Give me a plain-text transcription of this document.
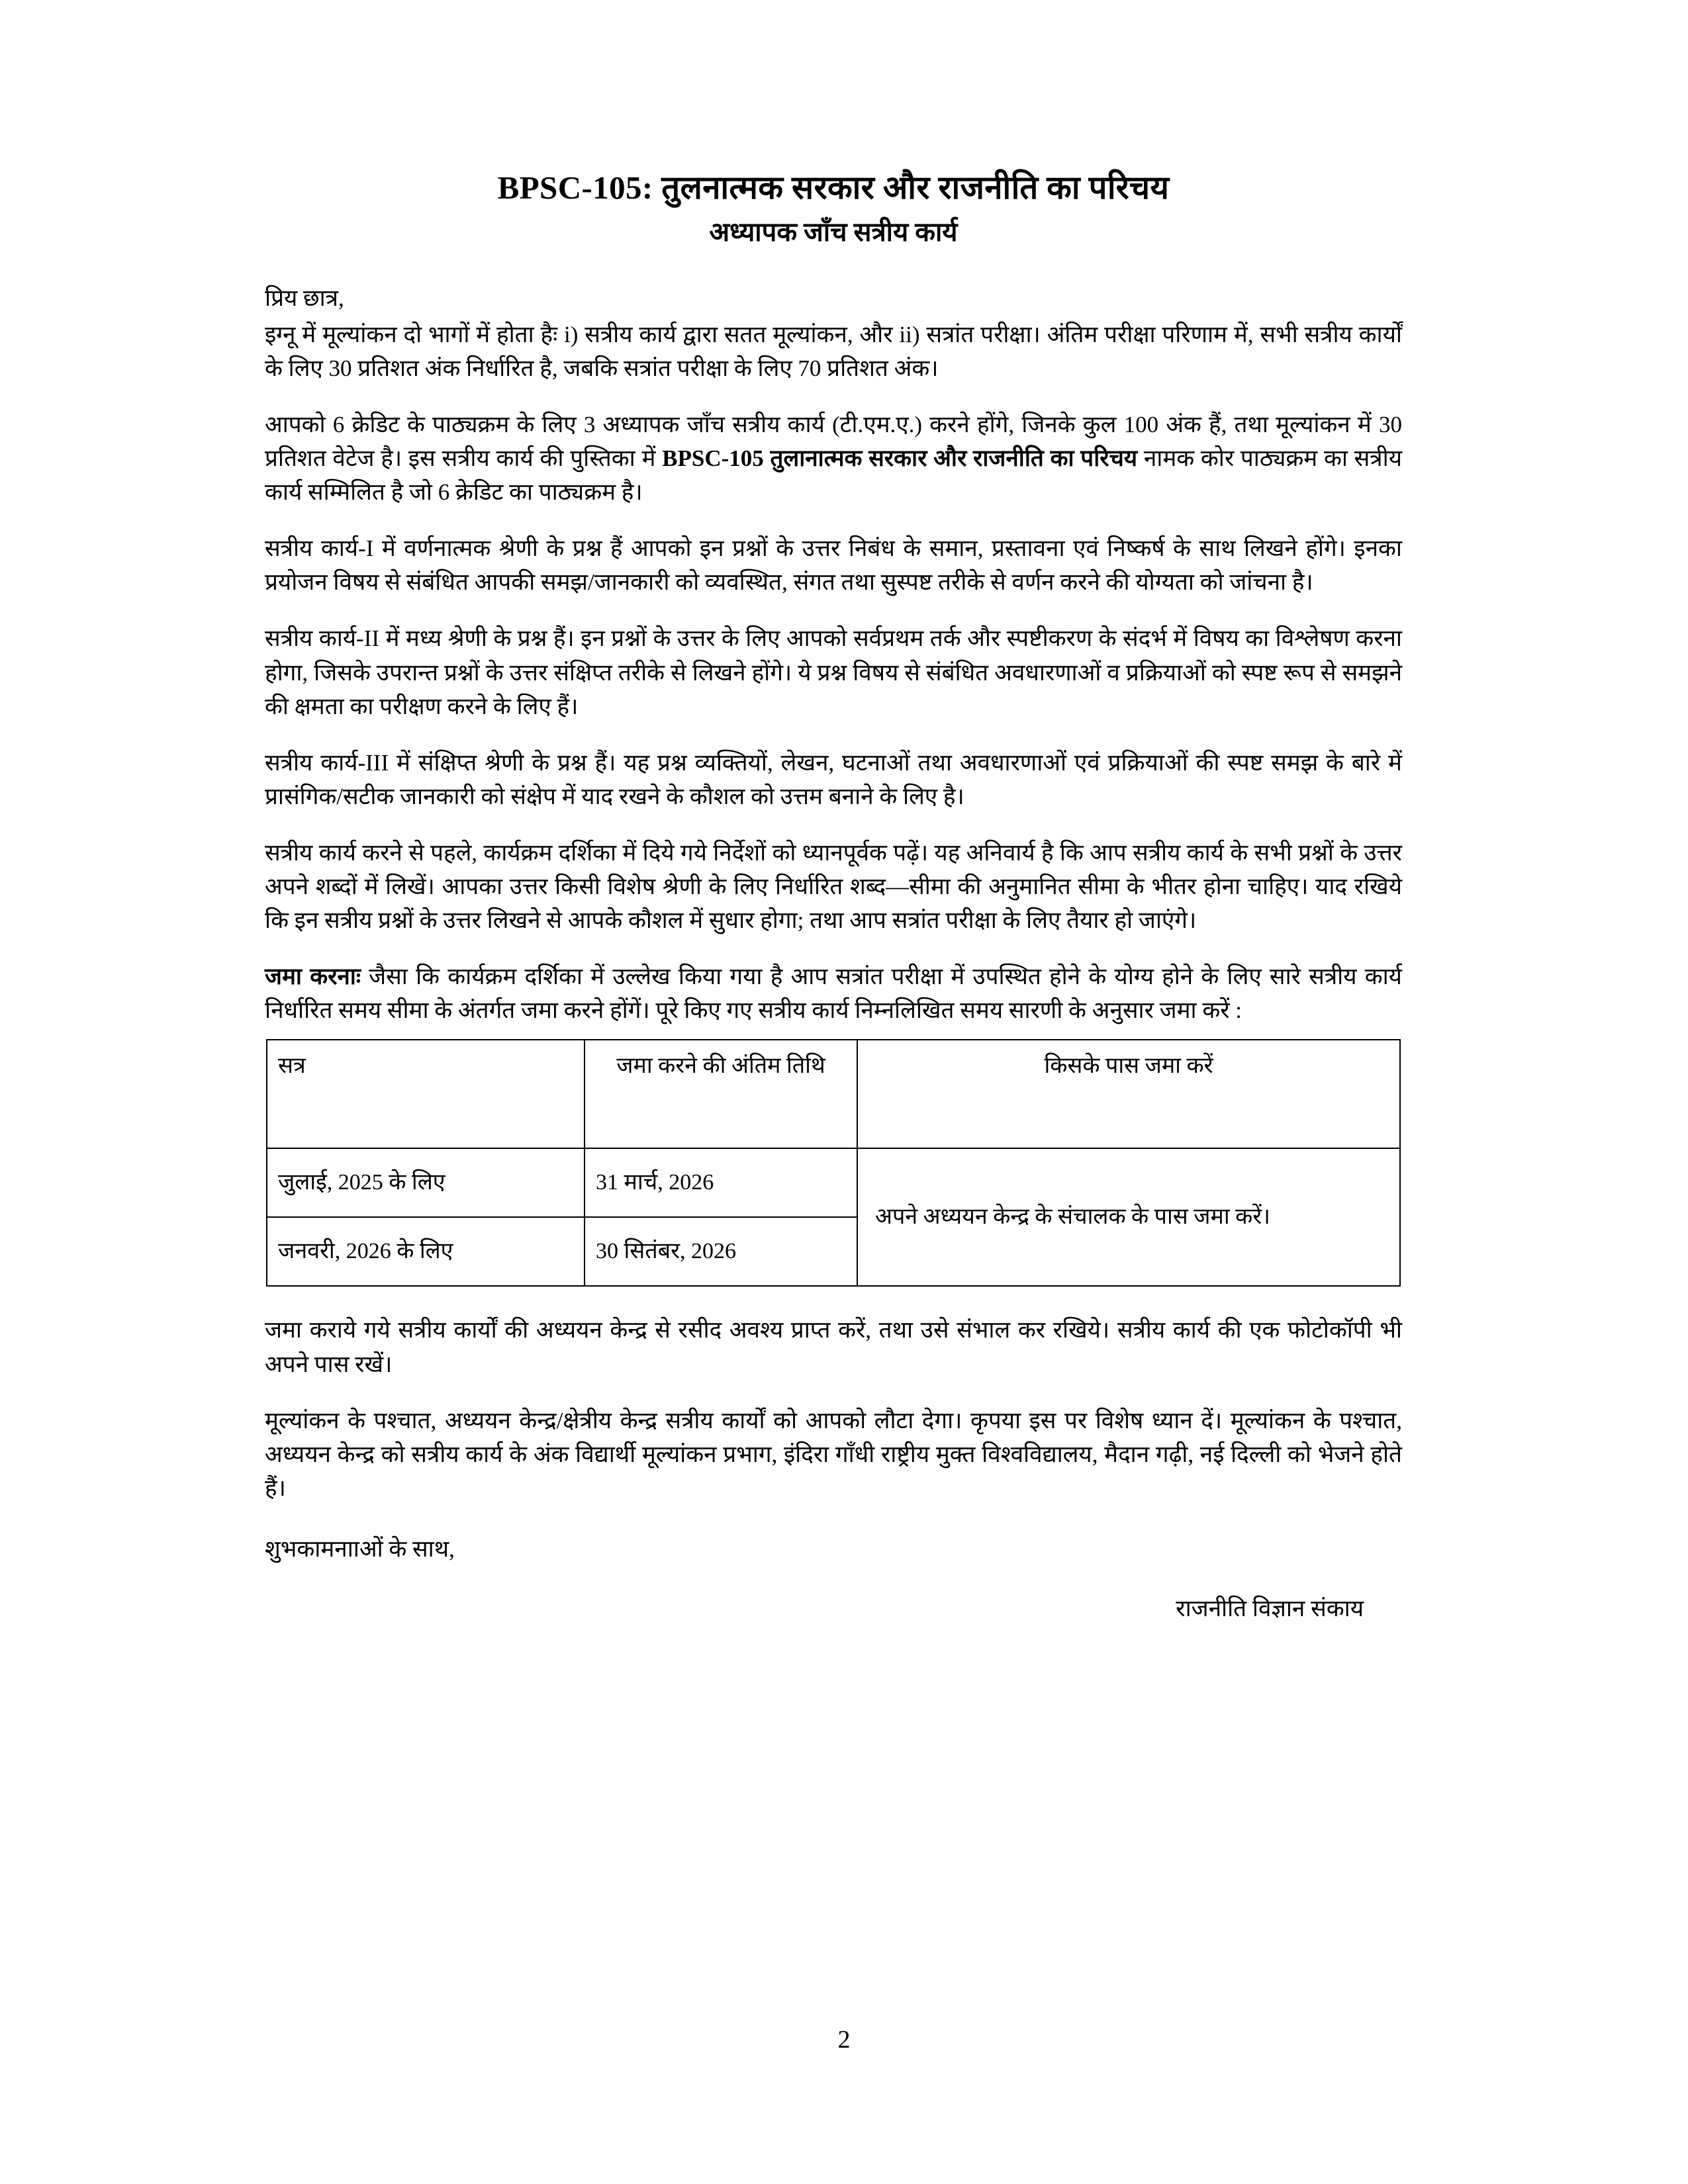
BPSC-105: तुलनात्मक सरकार और राजनीति का परिचय
अध्यापक जाँच सत्रीय कार्य
प्रिय छात्र,

इग्नू में मूल्यांकन दो भागों में होता हैः i) सत्रीय कार्य द्वारा सतत मूल्यांकन, और ii) सत्रांत परीक्षा। अंतिम परीक्षा परिणाम में, सभी सत्रीय कार्यों के लिए 30 प्रतिशत अंक निर्धारित है, जबकि सत्रांत परीक्षा के लिए 70 प्रतिशत अंक।

आपको 6 क्रेडिट के पाठ्यक्रम के लिए 3 अध्यापक जाँच सत्रीय कार्य (टी.एम.ए.) करने होंगे, जिनके कुल 100 अंक हैं, तथा मूल्यांकन में 30 प्रतिशत वेटेज है। इस सत्रीय कार्य की पुस्तिका में BPSC-105 तुलानात्मक सरकार और राजनीति का परिचय नामक कोर पाठ्यक्रम का सत्रीय कार्य सम्मिलित है जो 6 क्रेडिट का पाठ्यक्रम है।

सत्रीय कार्य-I में वर्णनात्मक श्रेणी के प्रश्न हैं आपको इन प्रश्नों के उत्तर निबंध के समान, प्रस्तावना एवं निष्कर्ष के साथ लिखने होंगे। इनका प्रयोजन विषय से संबंधित आपकी समझ/जानकारी को व्यवस्थित, संगत तथा सुस्पष्ट तरीके से वर्णन करने की योग्यता को जांचना है।

सत्रीय कार्य-II में मध्य श्रेणी के प्रश्न हैं। इन प्रश्नों के उत्तर के लिए आपको सर्वप्रथम तर्क और स्पष्टीकरण के संदर्भ में विषय का विश्लेषण करना होगा, जिसके उपरान्त प्रश्नों के उत्तर संक्षिप्त तरीके से लिखने होंगे। ये प्रश्न विषय से संबंधित अवधारणाओं व प्रक्रियाओं को स्पष्ट रूप से समझने की क्षमता का परीक्षण करने के लिए हैं।

सत्रीय कार्य-III में संक्षिप्त श्रेणी के प्रश्न हैं। यह प्रश्न व्यक्तियों, लेखन, घटनाओं तथा अवधारणाओं एवं प्रक्रियाओं की स्पष्ट समझ के बारे में प्रासंगिक/सटीक जानकारी को संक्षेप में याद रखने के कौशल को उत्तम बनाने के लिए है।

सत्रीय कार्य करने से पहले, कार्यक्रम दर्शिका में दिये गये निर्देशों को ध्यानपूर्वक पढ़ें। यह अनिवार्य है कि आप सत्रीय कार्य के सभी प्रश्नों के उत्तर अपने शब्दों में लिखें। आपका उत्तर किसी विशेष श्रेणी के लिए निर्धारित शब्द—सीमा की अनुमानित सीमा के भीतर होना चाहिए। याद रखिये कि इन सत्रीय प्रश्नों के उत्तर लिखने से आपके कौशल में सुधार होगा; तथा आप सत्रांत परीक्षा के लिए तैयार हो जाएंगे।

जमा करनाः जैसा कि कार्यक्रम दर्शिका में उल्लेख किया गया है आप सत्रांत परीक्षा में उपस्थित होने के योग्य होने के लिए सारे सत्रीय कार्य निर्धारित समय सीमा के अंतर्गत जमा करने होंगें। पूरे किए गए सत्रीय कार्य निम्नलिखित समय सारणी के अनुसार जमा करें :

सत्र	जमा करने की अंतिम तिथि	किसके पास जमा करें
जुलाई, 2025 के लिए	31 मार्च, 2026	अपने अध्ययन केन्द्र के संचालक के पास जमा करें।
जनवरी, 2026 के लिए	30 सितंबर, 2026	

जमा कराये गये सत्रीय कार्यों की अध्ययन केन्द्र से रसीद अवश्य प्राप्त करें, तथा उसे संभाल कर रखिये। सत्रीय कार्य की एक फोटोकॉपी भी अपने पास रखें।

मूल्यांकन के पश्चात, अध्ययन केन्द्र/क्षेत्रीय केन्द्र सत्रीय कार्यों को आपको लौटा देगा। कृपया इस पर विशेष ध्यान दें। मूल्यांकन के पश्चात, अध्ययन केन्द्र को सत्रीय कार्य के अंक विद्यार्थी मूल्यांकन प्रभाग, इंदिरा गाँधी राष्ट्रीय मुक्त विश्वविद्यालय, मैदान गढ़ी, नई दिल्ली को भेजने होते हैं।

शुभकामनााओं के साथ,
राजनीति विज्ञान संकाय
2
